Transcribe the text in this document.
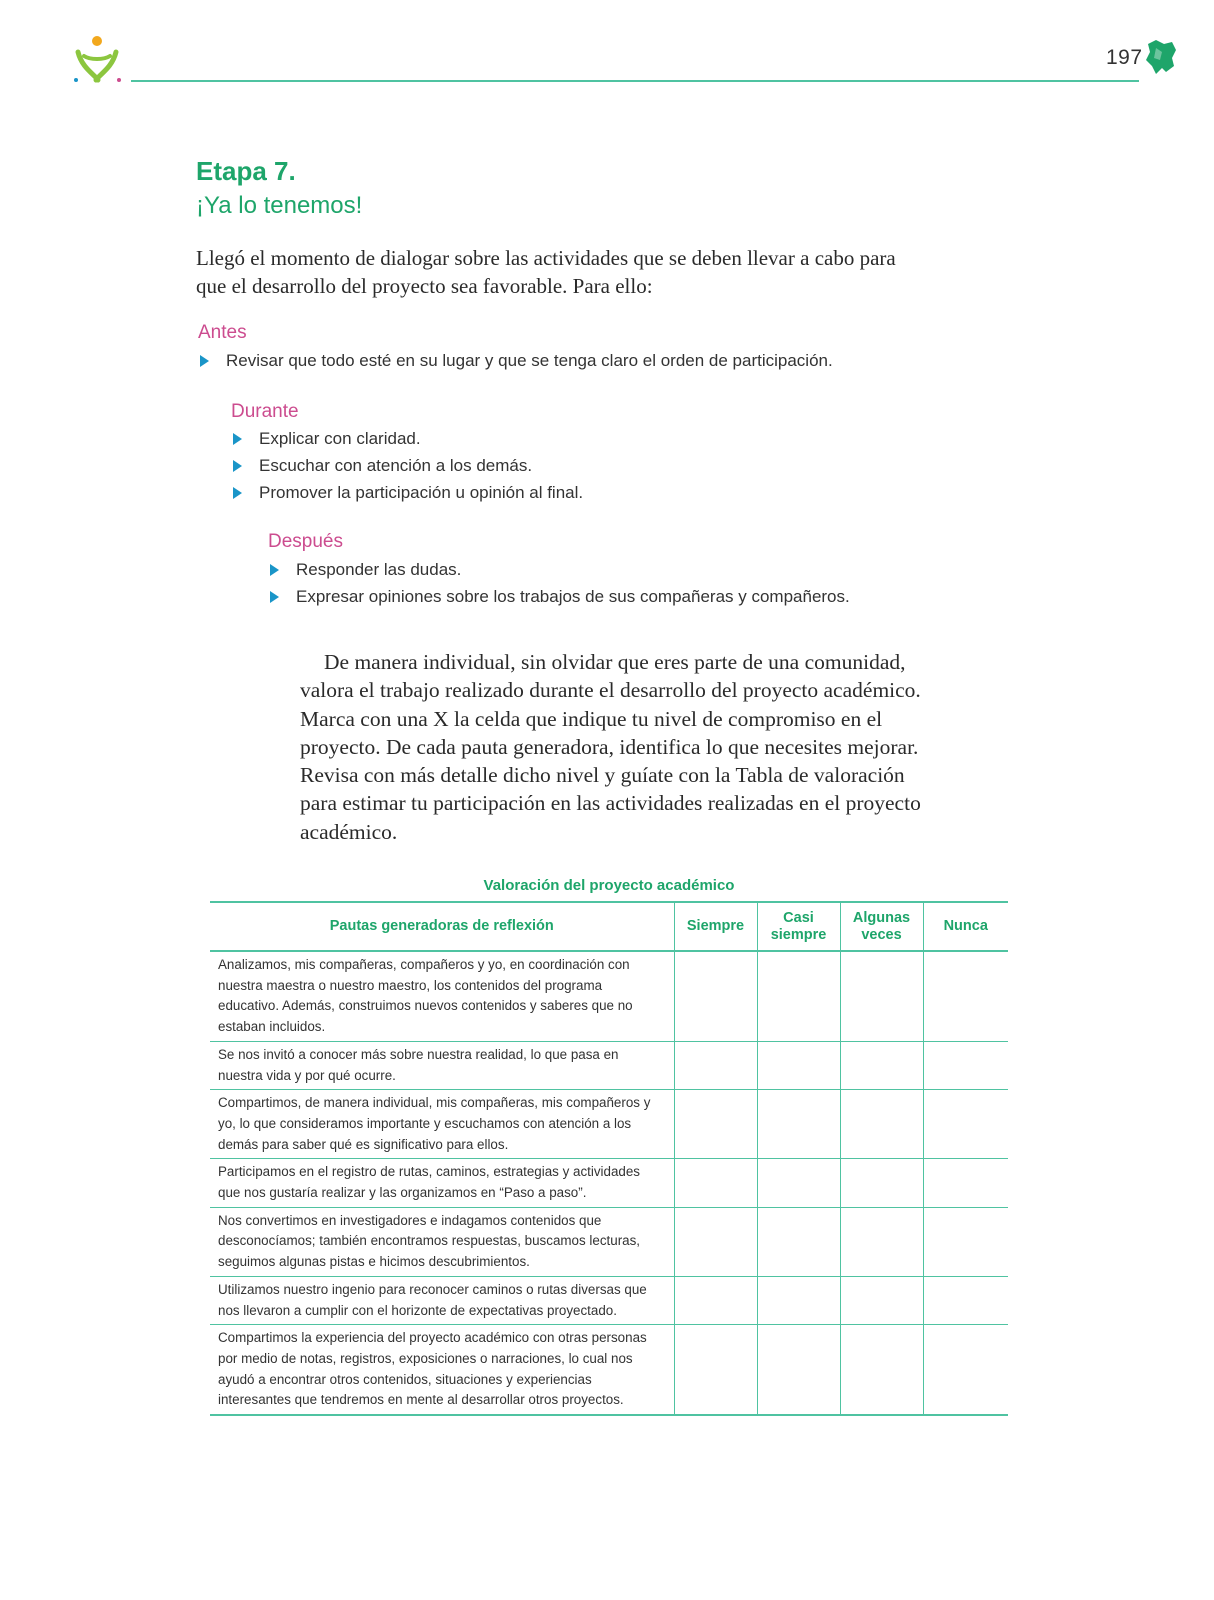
197
Etapa 7.
¡Ya lo tenemos!

Llegó el momento de dialogar sobre las actividades que se deben llevar a cabo para que el desarrollo del proyecto sea favorable. Para ello:

Antes
Revisar que todo esté en su lugar y que se tenga claro el orden de participación.
Durante
Explicar con claridad.
Escuchar con atención a los demás.
Promover la participación u opinión al final.
Después
Responder las dudas.
Expresar opiniones sobre los trabajos de sus compañeras y compañeros.

De manera individual, sin olvidar que eres parte de una comunidad, valora el trabajo realizado durante el desarrollo del proyecto académico. Marca con una X la celda que indique tu nivel de compromiso en el proyecto. De cada pauta generadora, identifica lo que necesites mejorar. Revisa con más detalle dicho nivel y guíate con la Tabla de valoración para estimar tu participación en las actividades realizadas en el proyecto académico.

Valoración del proyecto académico
Pautas generadoras de reflexión	Siempre	Casi siempre	Algunas veces	Nunca
Analizamos, mis compañeras, compañeros y yo, en coordinación con nuestra maestra o nuestro maestro, los contenidos del programa educativo. Además, construimos nuevos contenidos y saberes que no estaban incluidos.				
Se nos invitó a conocer más sobre nuestra realidad, lo que pasa en nuestra vida y por qué ocurre.				
Compartimos, de manera individual, mis compañeras, mis compañeros y yo, lo que consideramos importante y escuchamos con atención a los demás para saber qué es significativo para ellos.				
Participamos en el registro de rutas, caminos, estrategias y actividades que nos gustaría realizar y las organizamos en “Paso a paso”.				
Nos convertimos en investigadores e indagamos contenidos que desconocíamos; también encontramos respuestas, buscamos lecturas, seguimos algunas pistas e hicimos descubrimientos.				
Utilizamos nuestro ingenio para reconocer caminos o rutas diversas que nos llevaron a cumplir con el horizonte de expectativas proyectado.				
Compartimos la experiencia del proyecto académico con otras personas por medio de notas, registros, exposiciones o narraciones, lo cual nos ayudó a encontrar otros contenidos, situaciones y experiencias interesantes que tendremos en mente al desarrollar otros proyectos.				
